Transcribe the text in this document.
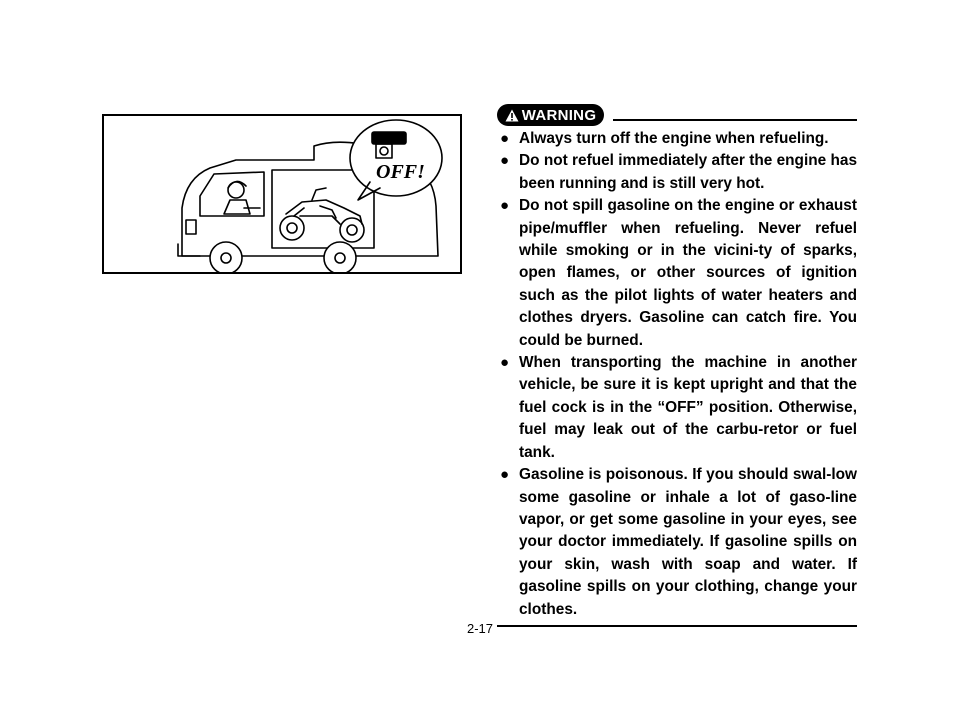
OFF!
WARNING
● Always turn off the engine when refueling.
● Do not refuel immediately after the engine has been running and is still very hot.
● Do not spill gasoline on the engine or exhaust pipe/muffler when refueling. Never refuel while smoking or in the vicini-ty of sparks, open flames, or other sources of ignition such as the pilot lights of water heaters and clothes dryers. Gasoline can catch fire. You could be burned.
● When transporting the machine in another vehicle, be sure it is kept upright and that the fuel cock is in the “OFF” position. Otherwise, fuel may leak out of the carbu-retor or fuel tank.
● Gasoline is poisonous. If you should swal-low some gasoline or inhale a lot of gaso-line vapor, or get some gasoline in your eyes, see your doctor immediately. If gasoline spills on your skin, wash with soap and water. If gasoline spills on your clothing, change your clothes.
2-17
